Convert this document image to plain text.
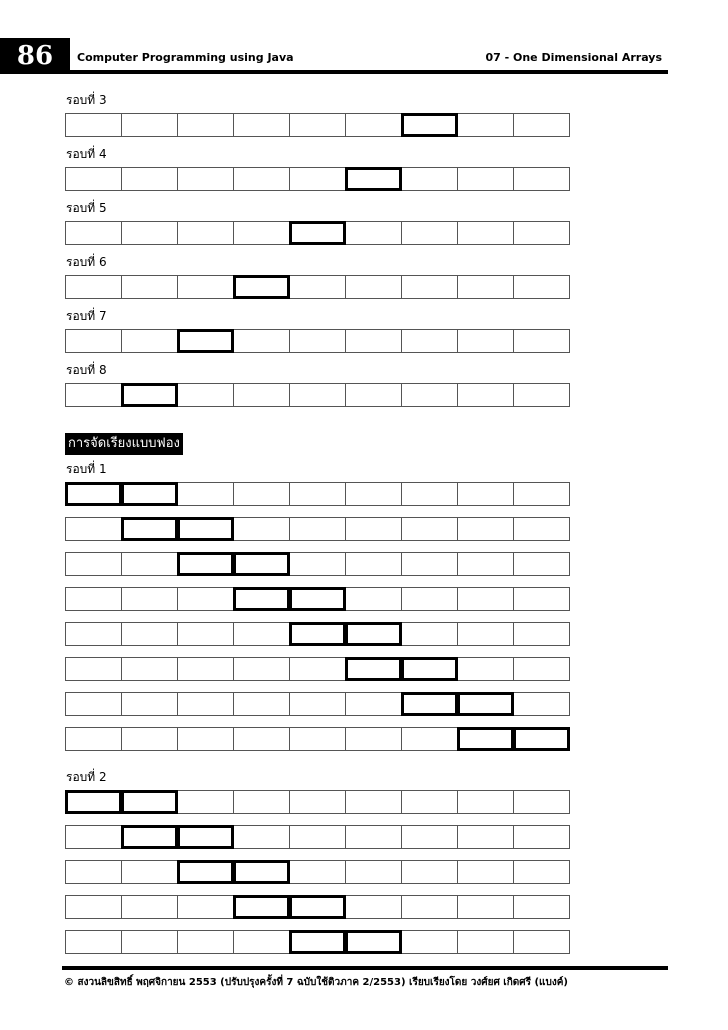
86	Computer Programming using Java	07 - One Dimensional Arrays
รอบที่ 3
รอบที่ 4
รอบที่ 5
รอบที่ 6
รอบที่ 7
รอบที่ 8
การจัดเรียงแบบฟอง
รอบที่ 1
รอบที่ 2
© สงวนลิขสิทธิ์ พฤศจิกายน 2553 (ปรับปรุงครั้งที่ 7 ฉบับใช้ติวภาค 2/2553) เรียบเรียงโดย วงศ์ยศ เกิดศรี (แบงค์)
